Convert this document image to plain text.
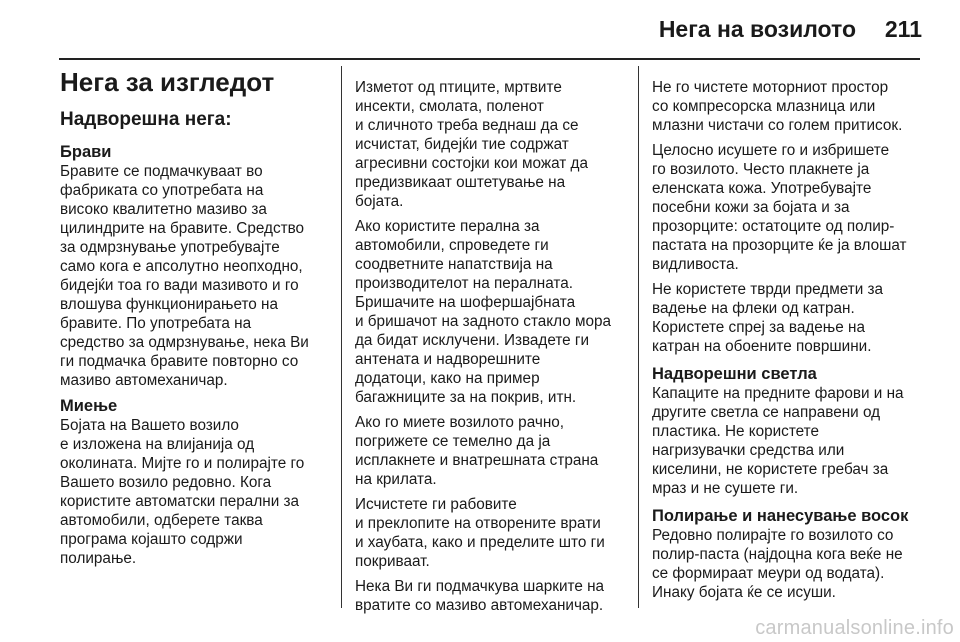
Нега на возилото 211
Нега за изгледот
Надворешна нега:
Брави

Бравите се подмачкуваат во
фабриката со употребата на
високо квалитетно мазиво за
цилиндрите на бравите. Средство
за одмрзнување употребувајте
само кога е апсолутно неопходно,
бидејќи тоа го вади мазивото и го
влошува функционирањето на
бравите. По употребата на
средство за одмрзнување, нека Ви
ги подмачка бравите повторно со
мазиво автомеханичар.

Миење

Бојата на Вашето возило
е изложена на влијанија од
околината. Мијте го и полирајте го
Вашето возило редовно. Кога
користите автоматски перални за
автомобили, одберете таква
програма којашто содржи
полирање.

Изметот од птиците, мртвите
инсекти, смолата, поленот
и сличното треба веднаш да се
исчистат, бидејќи тие содржат
агресивни состојки кои можат да
предизвикаат оштетување на
бојата.

Ако користите перална за
автомобили, спроведете ги
соодветните напатствија на
производителот на пералната.
Бришачите на шофершајбната
и бришачот на задното стакло мора
да бидат исклучени. Извадете ги
антената и надворешните
додатоци, како на пример
багажниците за на покрив, итн.

Ако го миете возилото рачно,
погрижете се темелно да ја
исплакнете и внатрешната страна
на крилата.

Исчистете ги рабовите
и преклопите на отворените врати
и хаубата, како и пределите што ги
покриваат.

Нека Ви ги подмачкува шарките на
вратите со мазиво автомеханичар.

Не го чистете моторниот простор
со компресорска млазница или
млазни чистачи со голем притисок.

Целосно исушете го и избришете
го возилото. Често плакнете ја
еленската кожа. Употребувајте
посебни кожи за бојата и за
прозорците: остатоците од полир-
пастата на прозорците ќе ја влошат
видливоста.

Не користете тврди предмети за
вадење на флеки од катран.
Користете спреј за вадење на
катран на обоените површини.

Надворешни светла

Капаците на предните фарови и на
другите светла се направени од
пластика. Не користете
нагризувачки средства или
киселини, не користете гребач за
мраз и не сушете ги.

Полирање и нанесување восок

Редовно полирајте го возилото со
полир-паста (најдоцна кога веќе не
се формираат меури од водата).
Инаку бојата ќе се исуши.

carmanualsonline.info
